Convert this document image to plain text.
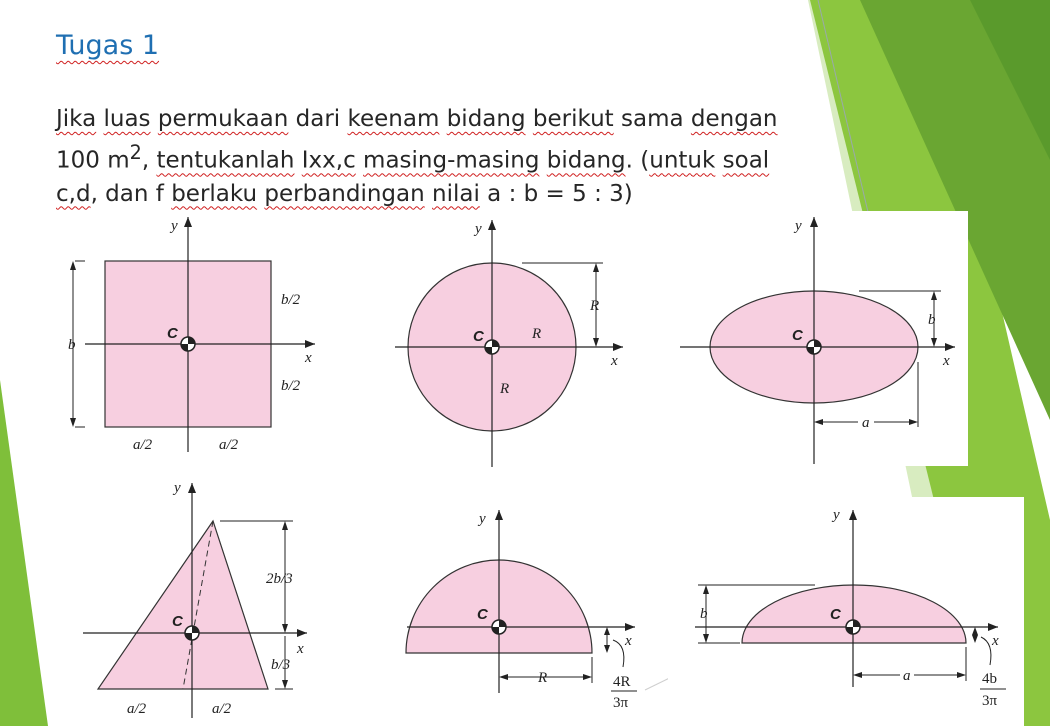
Tugas 1

Jika luas permukaan dari keenam bidang berikut sama dengan
100 $m^2$, tentukanlah Ixx,c masing-masing bidang. (untuk soal
c,d, dan f berlaku perbandingan nilai a : b = 5 : 3)

y
x
C
b
b/2
b/2
a/2	a/2
y
x
C
R
R
R
y
x
C
b
a
y
x
C
2b/3
b/3
a/2	a/2
y
x
C
R	4R
3π
y
x
C
b
a	4b
3π
